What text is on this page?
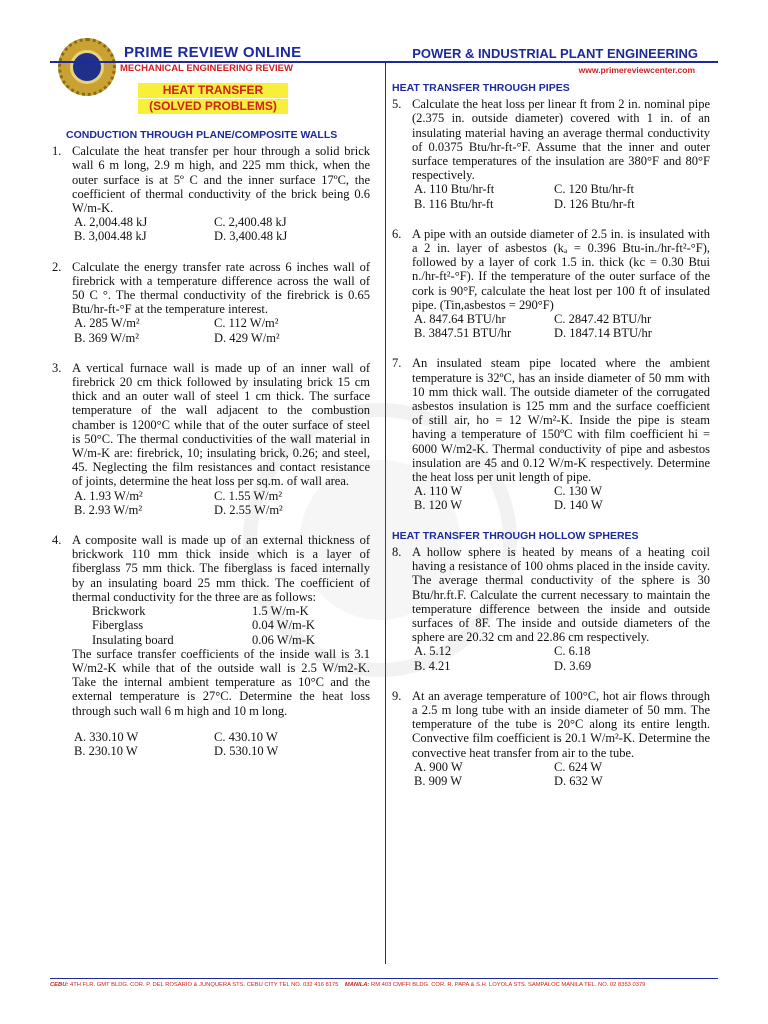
PRIME REVIEW ONLINE
MECHANICAL ENGINEERING REVIEW
POWER & INDUSTRIAL PLANT ENGINEERING
www.primereviewcenter.com
HEAT TRANSFER
(SOLVED PROBLEMS)
CONDUCTION THROUGH PLANE/COMPOSITE WALLS
1. Calculate the heat transfer per hour through a solid brick wall 6 m long, 2.9 m high, and 225 mm thick, when the outer surface is at 5º C and the inner surface 17ºC, the coefficient of thermal conductivity of the brick being 0.6 W/m-K.
A. 2,004.48 kJ	C. 2,400.48 kJ
B. 3,004.48 kJ	D. 3,400.48 kJ
2. Calculate the energy transfer rate across 6 inches wall of firebrick with a temperature difference across the wall of 50 C °. The thermal conductivity of the firebrick is 0.65 Btu/hr-ft-°F at the temperature interest.
A. 285 W/m²	C. 112 W/m²
B. 369 W/m²	D. 429 W/m²
3. A vertical furnace wall is made up of an inner wall of firebrick 20 cm thick followed by insulating brick 15 cm thick and an outer wall of steel 1 cm thick. The surface temperature of the wall adjacent to the combustion chamber is 1200°C while that of the outer surface of steel is 50°C. The thermal conductivities of the wall material in W/m-K are: firebrick, 10; insulating brick, 0.26; and steel, 45. Neglecting the film resistances and contact resistance of joints, determine the heat loss per sq.m. of wall area.
A. 1.93 W/m²	C. 1.55 W/m²
B. 2.93 W/m²	D. 2.55 W/m²
4. A composite wall is made up of an external thickness of brickwork 110 mm thick inside which is a layer of fiberglass 75 mm thick. The fiberglass is faced internally by an insulating board 25 mm thick. The coefficient of thermal conductivity for the three are as follows:
Brickwork	1.5 W/m-K
Fiberglass	0.04 W/m-K
Insulating board	0.06 W/m-K
The surface transfer coefficients of the inside wall is 3.1 W/m2-K while that of the outside wall is 2.5 W/m2-K. Take the internal ambient temperature as 10°C and the external temperature is 27°C. Determine the heat loss through such wall 6 m high and 10 m long.
A. 330.10 W	C. 430.10 W
B. 230.10 W	D. 530.10 W
HEAT TRANSFER THROUGH PIPES
5. Calculate the heat loss per linear ft from 2 in. nominal pipe (2.375 in. outside diameter) covered with 1 in. of an insulating material having an average thermal conductivity of 0.0375 Btu/hr-ft-°F. Assume that the inner and outer surface temperatures of the insulation are 380°F and 80°F respectively.
A. 110 Btu/hr-ft	C. 120 Btu/hr-ft
B. 116 Btu/hr-ft	D. 126 Btu/hr-ft
6. A pipe with an outside diameter of 2.5 in. is insulated with a 2 in. layer of asbestos (kₐ = 0.396 Btu-in./hr-ft²-°F), followed by a layer of cork 1.5 in. thick (kc = 0.30 Btui n./hr-ft²-°F). If the temperature of the outer surface of the cork is 90°F, calculate the heat lost per 100 ft of insulated pipe. (Tin,asbestos = 290°F)
A. 847.64 BTU/hr	C. 2847.42 BTU/hr
B. 3847.51 BTU/hr	D. 1847.14 BTU/hr
7. An insulated steam pipe located where the ambient temperature is 32ºC, has an inside diameter of 50 mm with 10 mm thick wall. The outside diameter of the corrugated asbestos insulation is 125 mm and the surface coefficient of still air, ho = 12 W/m²-K. Inside the pipe is steam having a temperature of 150ºC with film coefficient hi = 6000 W/m2-K. Thermal conductivity of pipe and asbestos insulation are 45 and 0.12 W/m-K respectively. Determine the heat loss per unit length of pipe.
A. 110 W	C. 130 W
B. 120 W	D. 140 W
HEAT TRANSFER THROUGH HOLLOW SPHERES
8. A hollow sphere is heated by means of a heating coil having a resistance of 100 ohms placed in the inside cavity. The average thermal conductivity of the sphere is 30 Btu/hr.ft.F. Calculate the current necessary to maintain the temperature difference between the inside and outside surfaces of 8F. The inside and outside diameters of the sphere are 20.32 cm and 22.86 cm respectively.
A. 5.12	C. 6.18
B. 4.21	D. 3.69
9. At an average temperature of 100°C, hot air flows through a 2.5 m long tube with an inside diameter of 50 mm. The temperature of the tube is 20°C along its entire length. Convective film coefficient is 20.1 W/m²-K. Determine the convective heat transfer from air to the tube.
A. 900 W	C. 624 W
B. 909 W	D. 632 W
CEBU: 4TH FLR. GMT BLDG. COR. P. DEL ROSARIO & JUNQUERA STS. CEBU CITY TEL NO. 032 416 8175 MANILA: RM 403 CMFFI BLDG. COR. R. PAPA & S.H. LOYOLA STS. SAMPALOC MANILA TEL. NO. 02 8353 0379
